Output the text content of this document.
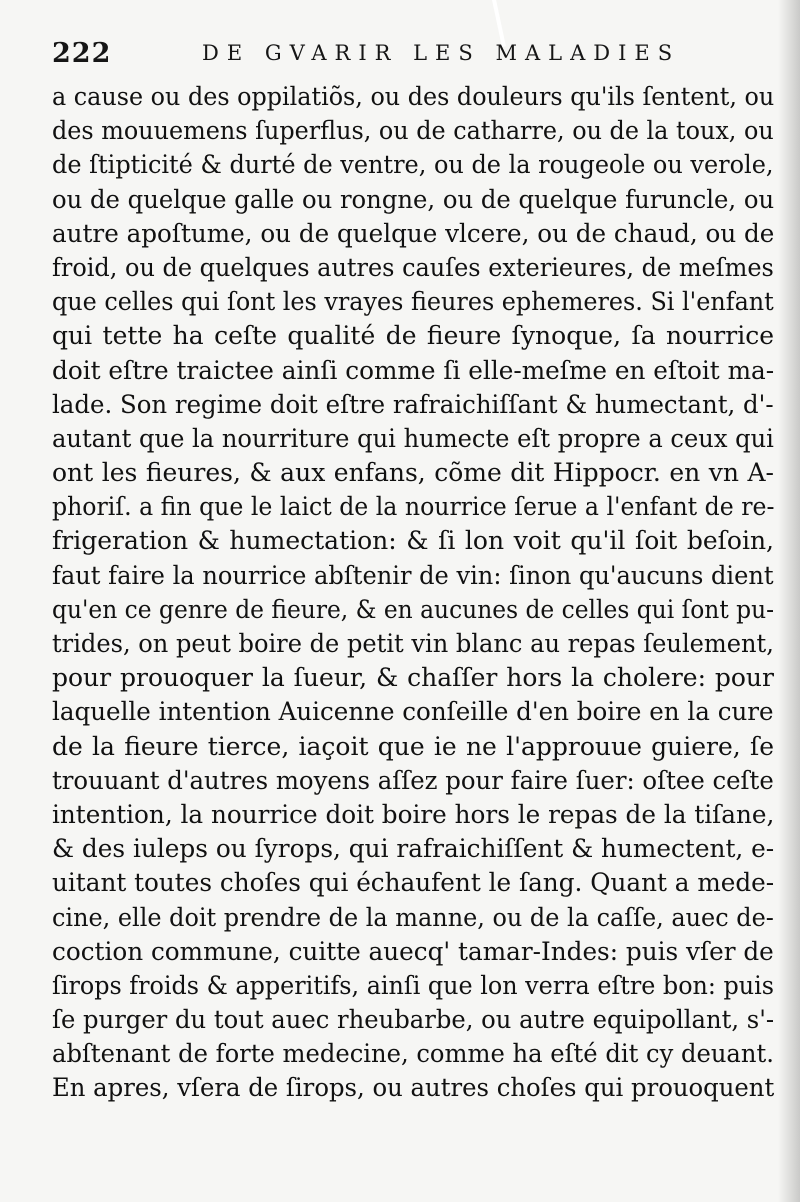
222	DE GVARIR LES MALADIES
a cause ou des oppilatiõs, ou des douleurs qu'ils ſentent, ou
des mouuemens ſuperflus, ou de catharre, ou de la toux, ou
de ſtipticité & durté de ventre, ou de la rougeole ou verole,
ou de quelque galle ou rongne, ou de quelque furuncle, ou
autre apoſtume, ou de quelque vlcere, ou de chaud, ou de
froid, ou de quelques autres cauſes exterieures, de meſmes
que celles qui ſont les vrayes fieures ephemeres. Si l'enfant
qui tette ha ceſte qualité de fieure ſynoque, ſa nourrice
doit eſtre traictee ainſi comme ſi elle-meſme en eſtoit ma-
lade. Son regime doit eſtre rafraichiſſant & humectant, d'-
autant que la nourriture qui humecte eſt propre a ceux qui
ont les fieures, & aux enfans, cõme dit Hippocr. en vn A-
phoriſ. a fin que le laict de la nourrice ſerue a l'enfant de re-
frigeration & humectation: & ſi lon voit qu'il ſoit beſoin,
faut faire la nourrice abſtenir de vin: ſinon qu'aucuns dient
qu'en ce genre de fieure, & en aucunes de celles qui ſont pu-
trides, on peut boire de petit vin blanc au repas ſeulement,
pour prouoquer la ſueur, & chaſſer hors la cholere: pour
laquelle intention Auicenne conſeille d'en boire en la cure
de la fieure tierce, iaçoit que ie ne l'approuue guiere, ſe
trouuant d'autres moyens aſſez pour faire ſuer: oſtee ceſte
intention, la nourrice doit boire hors le repas de la tiſane,
& des iuleps ou ſyrops, qui rafraichiſſent & humectent, e-
uitant toutes choſes qui échaufent le ſang. Quant a mede-
cine, elle doit prendre de la manne, ou de la caſſe, auec de-
coction commune, cuitte auecq' tamar-Indes: puis vſer de
ſirops froids & apperitifs, ainſi que lon verra eſtre bon: puis
ſe purger du tout auec rheubarbe, ou autre equipollant, s'-
abſtenant de forte medecine, comme ha eſté dit cy deuant.
En apres, vſera de ſirops, ou autres choſes qui prouoquent
